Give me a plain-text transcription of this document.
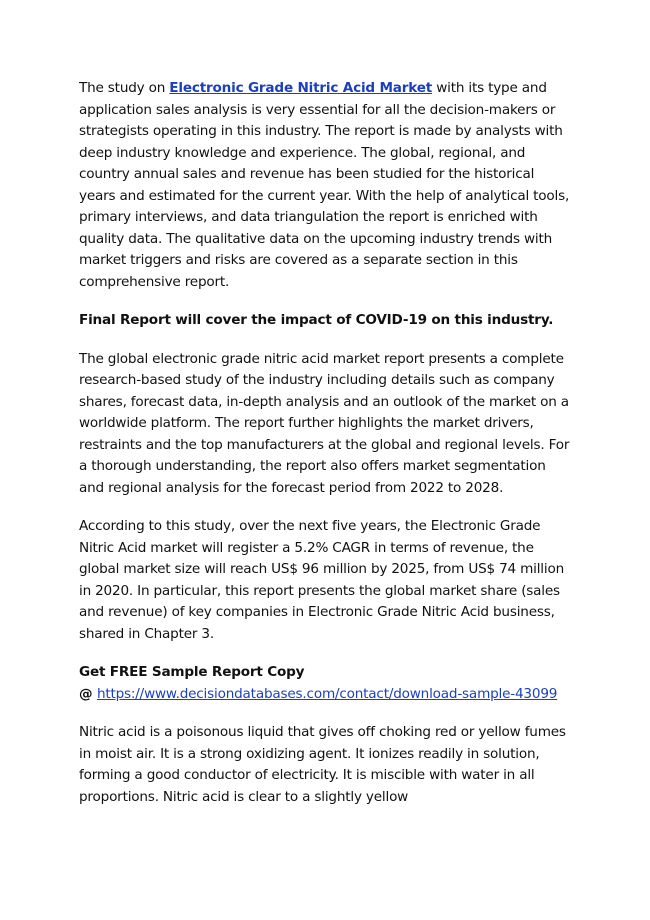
The study on Electronic Grade Nitric Acid Market with its type and application sales analysis is very essential for all the decision-makers or strategists operating in this industry. The report is made by analysts with deep industry knowledge and experience. The global, regional, and country annual sales and revenue has been studied for the historical years and estimated for the current year. With the help of analytical tools, primary interviews, and data triangulation the report is enriched with quality data. The qualitative data on the upcoming industry trends with market triggers and risks are covered as a separate section in this comprehensive report.

Final Report will cover the impact of COVID-19 on this industry.

The global electronic grade nitric acid market report presents a complete research-based study of the industry including details such as company shares, forecast data, in-depth analysis and an outlook of the market on a worldwide platform. The report further highlights the market drivers, restraints and the top manufacturers at the global and regional levels. For a thorough understanding, the report also offers market segmentation and regional analysis for the forecast period from 2022 to 2028.

According to this study, over the next five years, the Electronic Grade Nitric Acid market will register a 5.2% CAGR in terms of revenue, the global market size will reach US$ 96 million by 2025, from US$ 74 million in 2020. In particular, this report presents the global market share (sales and revenue) of key companies in Electronic Grade Nitric Acid business, shared in Chapter 3.

Get FREE Sample Report Copy
@ https://www.decisiondatabases.com/contact/download-sample-43099

Nitric acid is a poisonous liquid that gives off choking red or yellow fumes in moist air. It is a strong oxidizing agent. It ionizes readily in solution, forming a good conductor of electricity. It is miscible with water in all proportions. Nitric acid is clear to a slightly yellow
